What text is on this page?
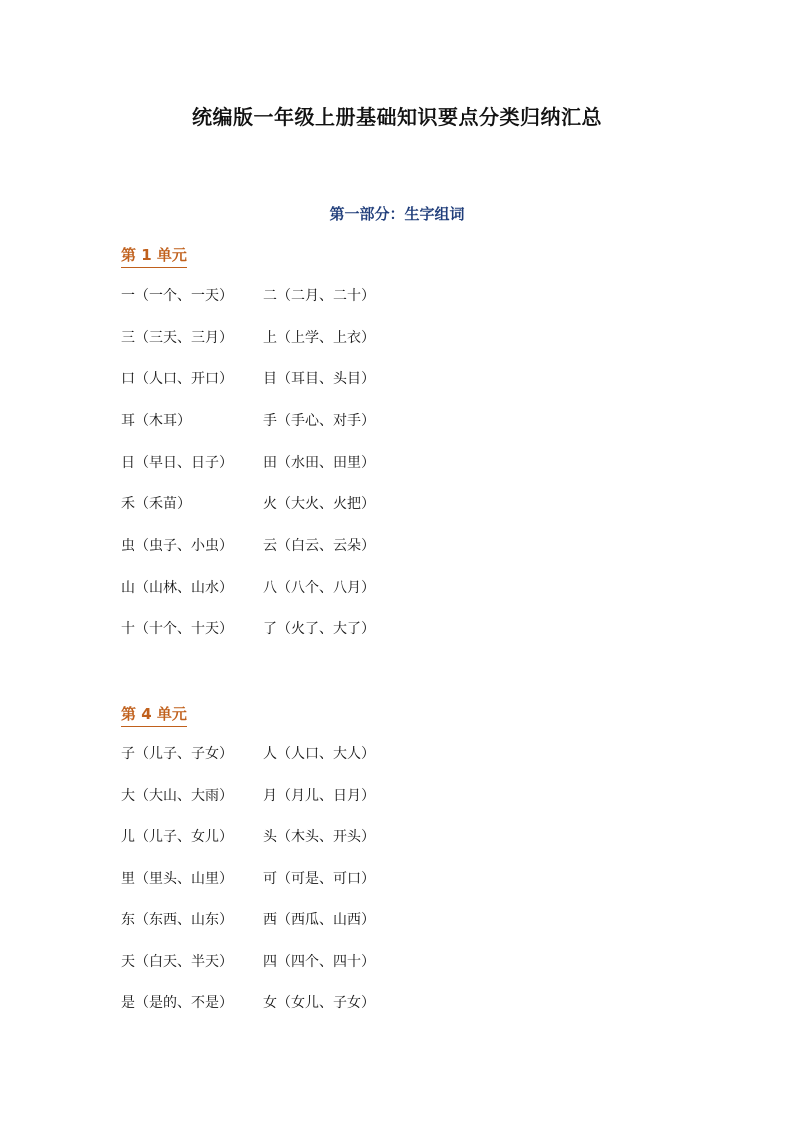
统编版一年级上册基础知识要点分类归纳汇总
第一部分：生字组词
第 1 单元
一（一个、一天） 二（二月、二十）
三（三天、三月） 上（上学、上衣）
口（人口、开口） 目（耳目、头目）
耳（木耳）	手（手心、对手）
日（早日、日子） 田（水田、田里）
禾（禾苗）	火（大火、火把）
虫（虫子、小虫） 云（白云、云朵）
山（山林、山水） 八（八个、八月）
十（十个、十天） 了（火了、大了）
第 4 单元
子（儿子、子女） 人（人口、大人）
大（大山、大雨） 月（月儿、日月）
儿（儿子、女儿） 头（木头、开头）
里（里头、山里） 可（可是、可口）
东（东西、山东） 西（西瓜、山西）
天（白天、半天） 四（四个、四十）
是（是的、不是） 女（女儿、子女）
